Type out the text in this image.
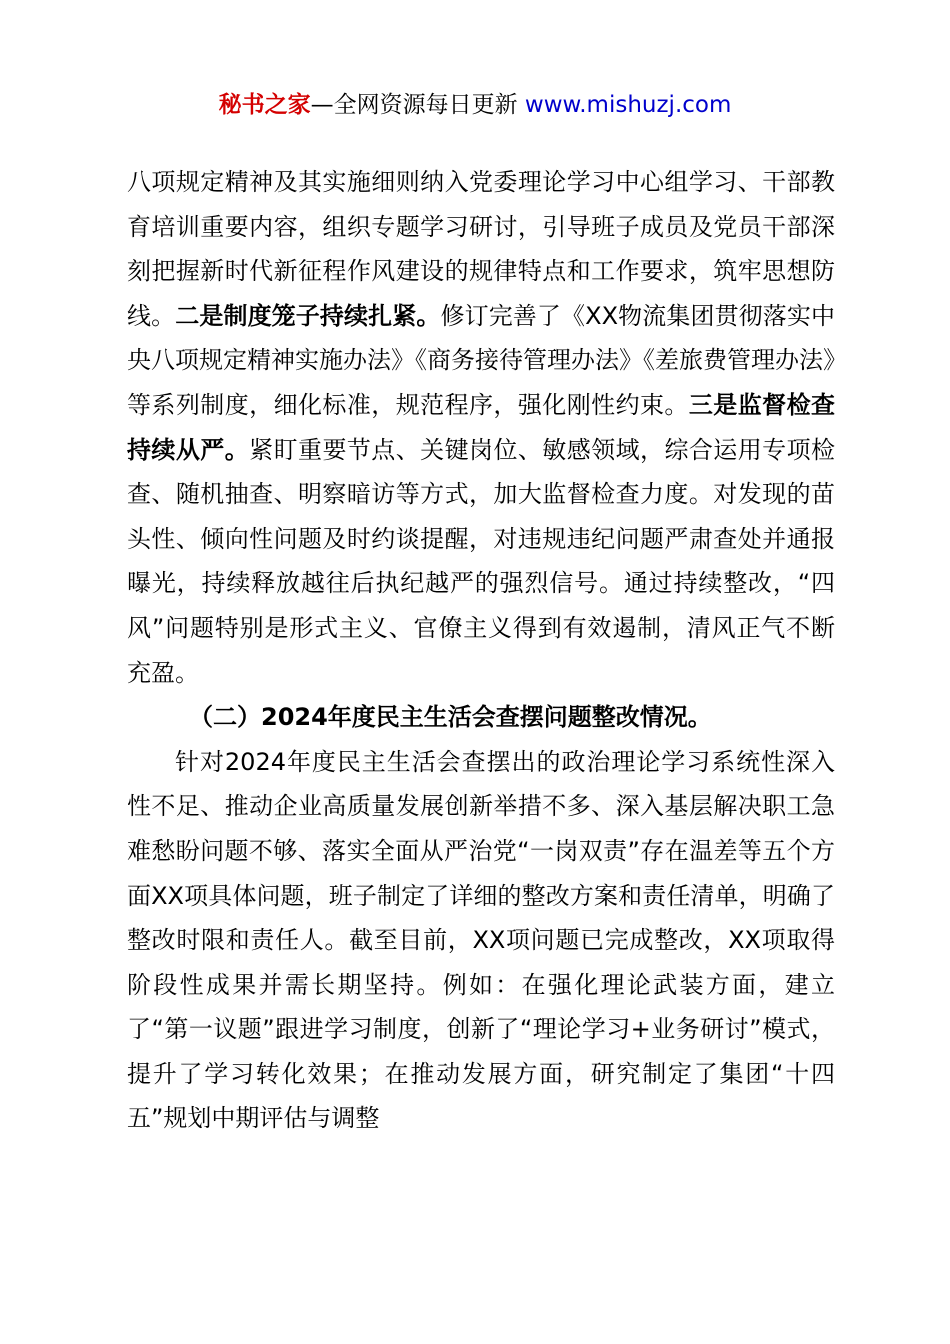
秘书之家—全网资源每日更新 www.mishuzj.com

八项规定精神及其实施细则纳入党委理论学习中心组学习、干部教育培训重要内容，组织专题学习研讨，引导班子成员及党员干部深刻把握新时代新征程作风建设的规律特点和工作要求，筑牢思想防线。二是制度笼子持续扎紧。修订完善了《XX物流集团贯彻落实中央八项规定精神实施办法》《商务接待管理办法》《差旅费管理办法》等系列制度，细化标准，规范程序，强化刚性约束。三是监督检查持续从严。紧盯重要节点、关键岗位、敏感领域，综合运用专项检查、随机抽查、明察暗访等方式，加大监督检查力度。对发现的苗头性、倾向性问题及时约谈提醒，对违规违纪问题严肃查处并通报曝光，持续释放越往后执纪越严的强烈信号。通过持续整改，“四风”问题特别是形式主义、官僚主义得到有效遏制，清风正气不断充盈。

（二）2024年度民主生活会查摆问题整改情况。

针对2024年度民主生活会查摆出的政治理论学习系统性深入性不足、推动企业高质量发展创新举措不多、深入基层解决职工急难愁盼问题不够、落实全面从严治党“一岗双责”存在温差等五个方面XX项具体问题，班子制定了详细的整改方案和责任清单，明确了整改时限和责任人。截至目前，XX项问题已完成整改，XX项取得阶段性成果并需长期坚持。例如：在强化理论武装方面，建立了“第一议题”跟进学习制度，创新了“理论学习+业务研讨”模式，提升了学习转化效果；在推动发展方面，研究制定了集团“十四五”规划中期评估与调整
